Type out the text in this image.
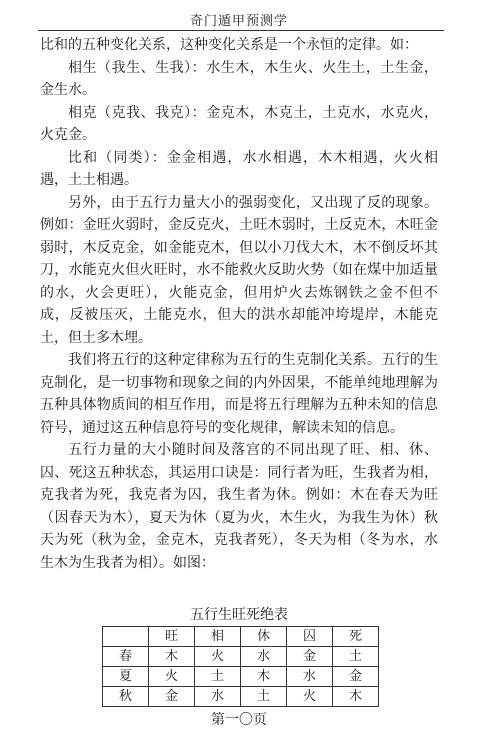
奇门遁甲预测学

比和的五种变化关系，这种变化关系是一个永恒的定律。如：

相生（我生、生我）：水生木，木生火、火生土，土生金，金生水。

相克（克我、我克）：金克木，木克土，土克水，水克火，火克金。

比和（同类）：金金相遇，水水相遇，木木相遇，火火相遇，土土相遇。

另外，由于五行力量大小的强弱变化，又出现了反的现象。例如：金旺火弱时，金反克火，土旺木弱时，土反克木，木旺金弱时，木反克金，如金能克木，但以小刀伐大木，木不倒反坏其刀，水能克火但火旺时，水不能救火反助火势（如在煤中加适量的水，火会更旺），火能克金，但用炉火去炼钢铁之金不但不成，反被压灭，土能克水，但大的洪水却能冲垮堤岸，木能克土，但土多木埋。

我们将五行的这种定律称为五行的生克制化关系。五行的生克制化，是一切事物和现象之间的内外因果，不能单纯地理解为五种具体物质间的相互作用，而是将五行理解为五种未知的信息符号，通过这五种信息符号的变化规律，解读未知的信息。

五行力量的大小随时间及落宫的不同出现了旺、相、休、囚、死这五种状态，其运用口诀是：同行者为旺，生我者为相，克我者为死，我克者为囚，我生者为休。例如：木在春天为旺（因春天为木），夏天为休（夏为火，木生火，为我生为休）秋天为死（秋为金，金克木，克我者死），冬天为相（冬为水，水生木为生我者为相）。如图：

五行生旺死绝表
	旺	相	休	囚	死
春	木	火	水	金	土
夏	火	土	木	水	金
秋	金	水	土	火	木
第一〇页
